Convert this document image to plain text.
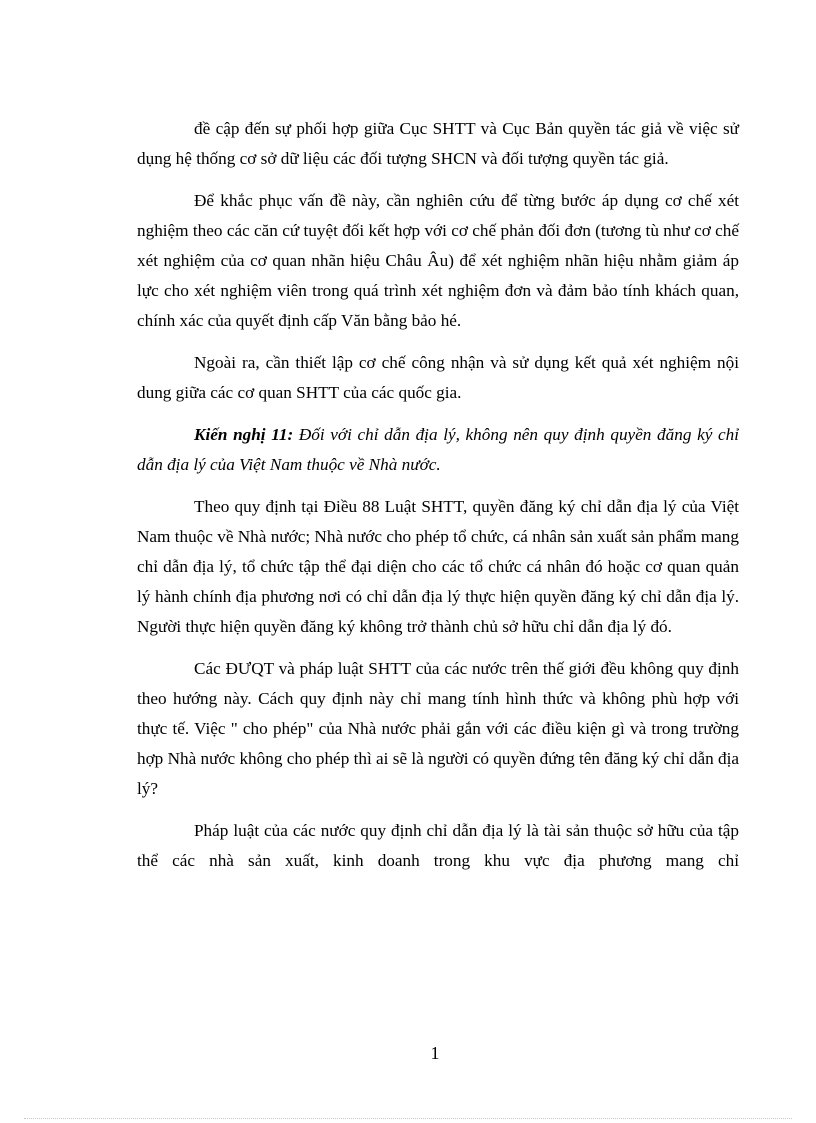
đề cập đến sự phối hợp giữa Cục SHTT và Cục Bản quyền tác giả về việc sử dụng hệ thống cơ sở dữ liệu các đối tượng SHCN và đối tượng quyền tác giả.

Để khắc phục vấn đề này, cần nghiên cứu để từng bước áp dụng cơ chế xét nghiệm theo các căn cứ tuyệt đối kết hợp với cơ chế phản đối đơn (tương tù như cơ chế xét nghiệm của cơ quan nhãn hiệu Châu Âu) để xét nghiệm nhãn hiệu nhằm giảm áp lực cho xét nghiệm viên trong quá trình xét nghiệm đơn và đảm bảo tính khách quan, chính xác của quyết định cấp Văn bằng bảo hé.

Ngoài ra, cần thiết lập cơ chế công nhận và sử dụng kết quả xét nghiệm nội dung giữa các cơ quan SHTT của các quốc gia.

Kiến nghị 11: Đối với chỉ dẫn địa lý, không nên quy định quyền đăng ký chỉ dẫn địa lý của Việt Nam thuộc về Nhà nước.

Theo quy định tại Điều 88 Luật SHTT, quyền đăng ký chỉ dẫn địa lý của Việt Nam thuộc về Nhà nước; Nhà nước cho phép tổ chức, cá nhân sản xuất sản phẩm mang chỉ dẫn địa lý, tổ chức tập thể đại diện cho các tổ chức cá nhân đó hoặc cơ quan quản lý hành chính địa phương nơi có chỉ dẫn địa lý thực hiện quyền đăng ký chỉ dẫn địa lý. Người thực hiện quyền đăng ký không trở thành chủ sở hữu chỉ dẫn địa lý đó.

Các ĐƯQT và pháp luật SHTT của các nước trên thế giới đều không quy định theo hướng này. Cách quy định này chỉ mang tính hình thức và không phù hợp với thực tế. Việc " cho phép" của Nhà nước phải gắn với các điều kiện gì và trong trường hợp Nhà nước không cho phép thì ai sẽ là người có quyền đứng tên đăng ký chỉ dẫn địa lý?

Pháp luật của các nước quy định chỉ dẫn địa lý là tài sản thuộc sở hữu của tập thể các nhà sản xuất, kinh doanh trong khu vực địa phương mang chỉ

1
